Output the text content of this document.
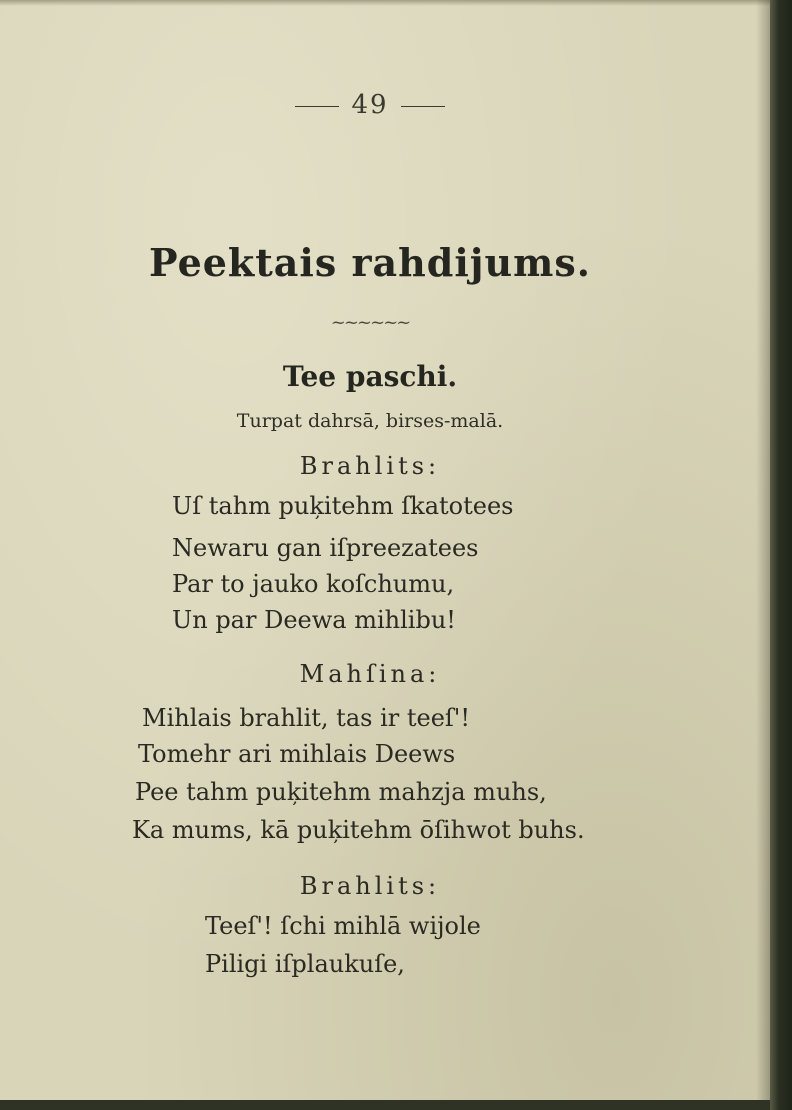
49
Peektais rahdijums.
~~~~~~
Tee paschi.
Turpat dahrsā, birses-malā.
Brahlits:
Uſ tahm puķitehm ſkatotees
Newaru gan iſpreezatees
Par to jauko koſchumu,
Un par Deewa mihlibu!
Mahſina:
Mihlais brahlit, tas ir teeſ'!
Tomehr ari mihlais Deews
Pee tahm puķitehm mahzja muhs,
Ka mums, kā puķitehm ōſihwot buhs.
Brahlits:
Teeſ'! ſchi mihlā wijole
Piligi iſplaukuſe,
